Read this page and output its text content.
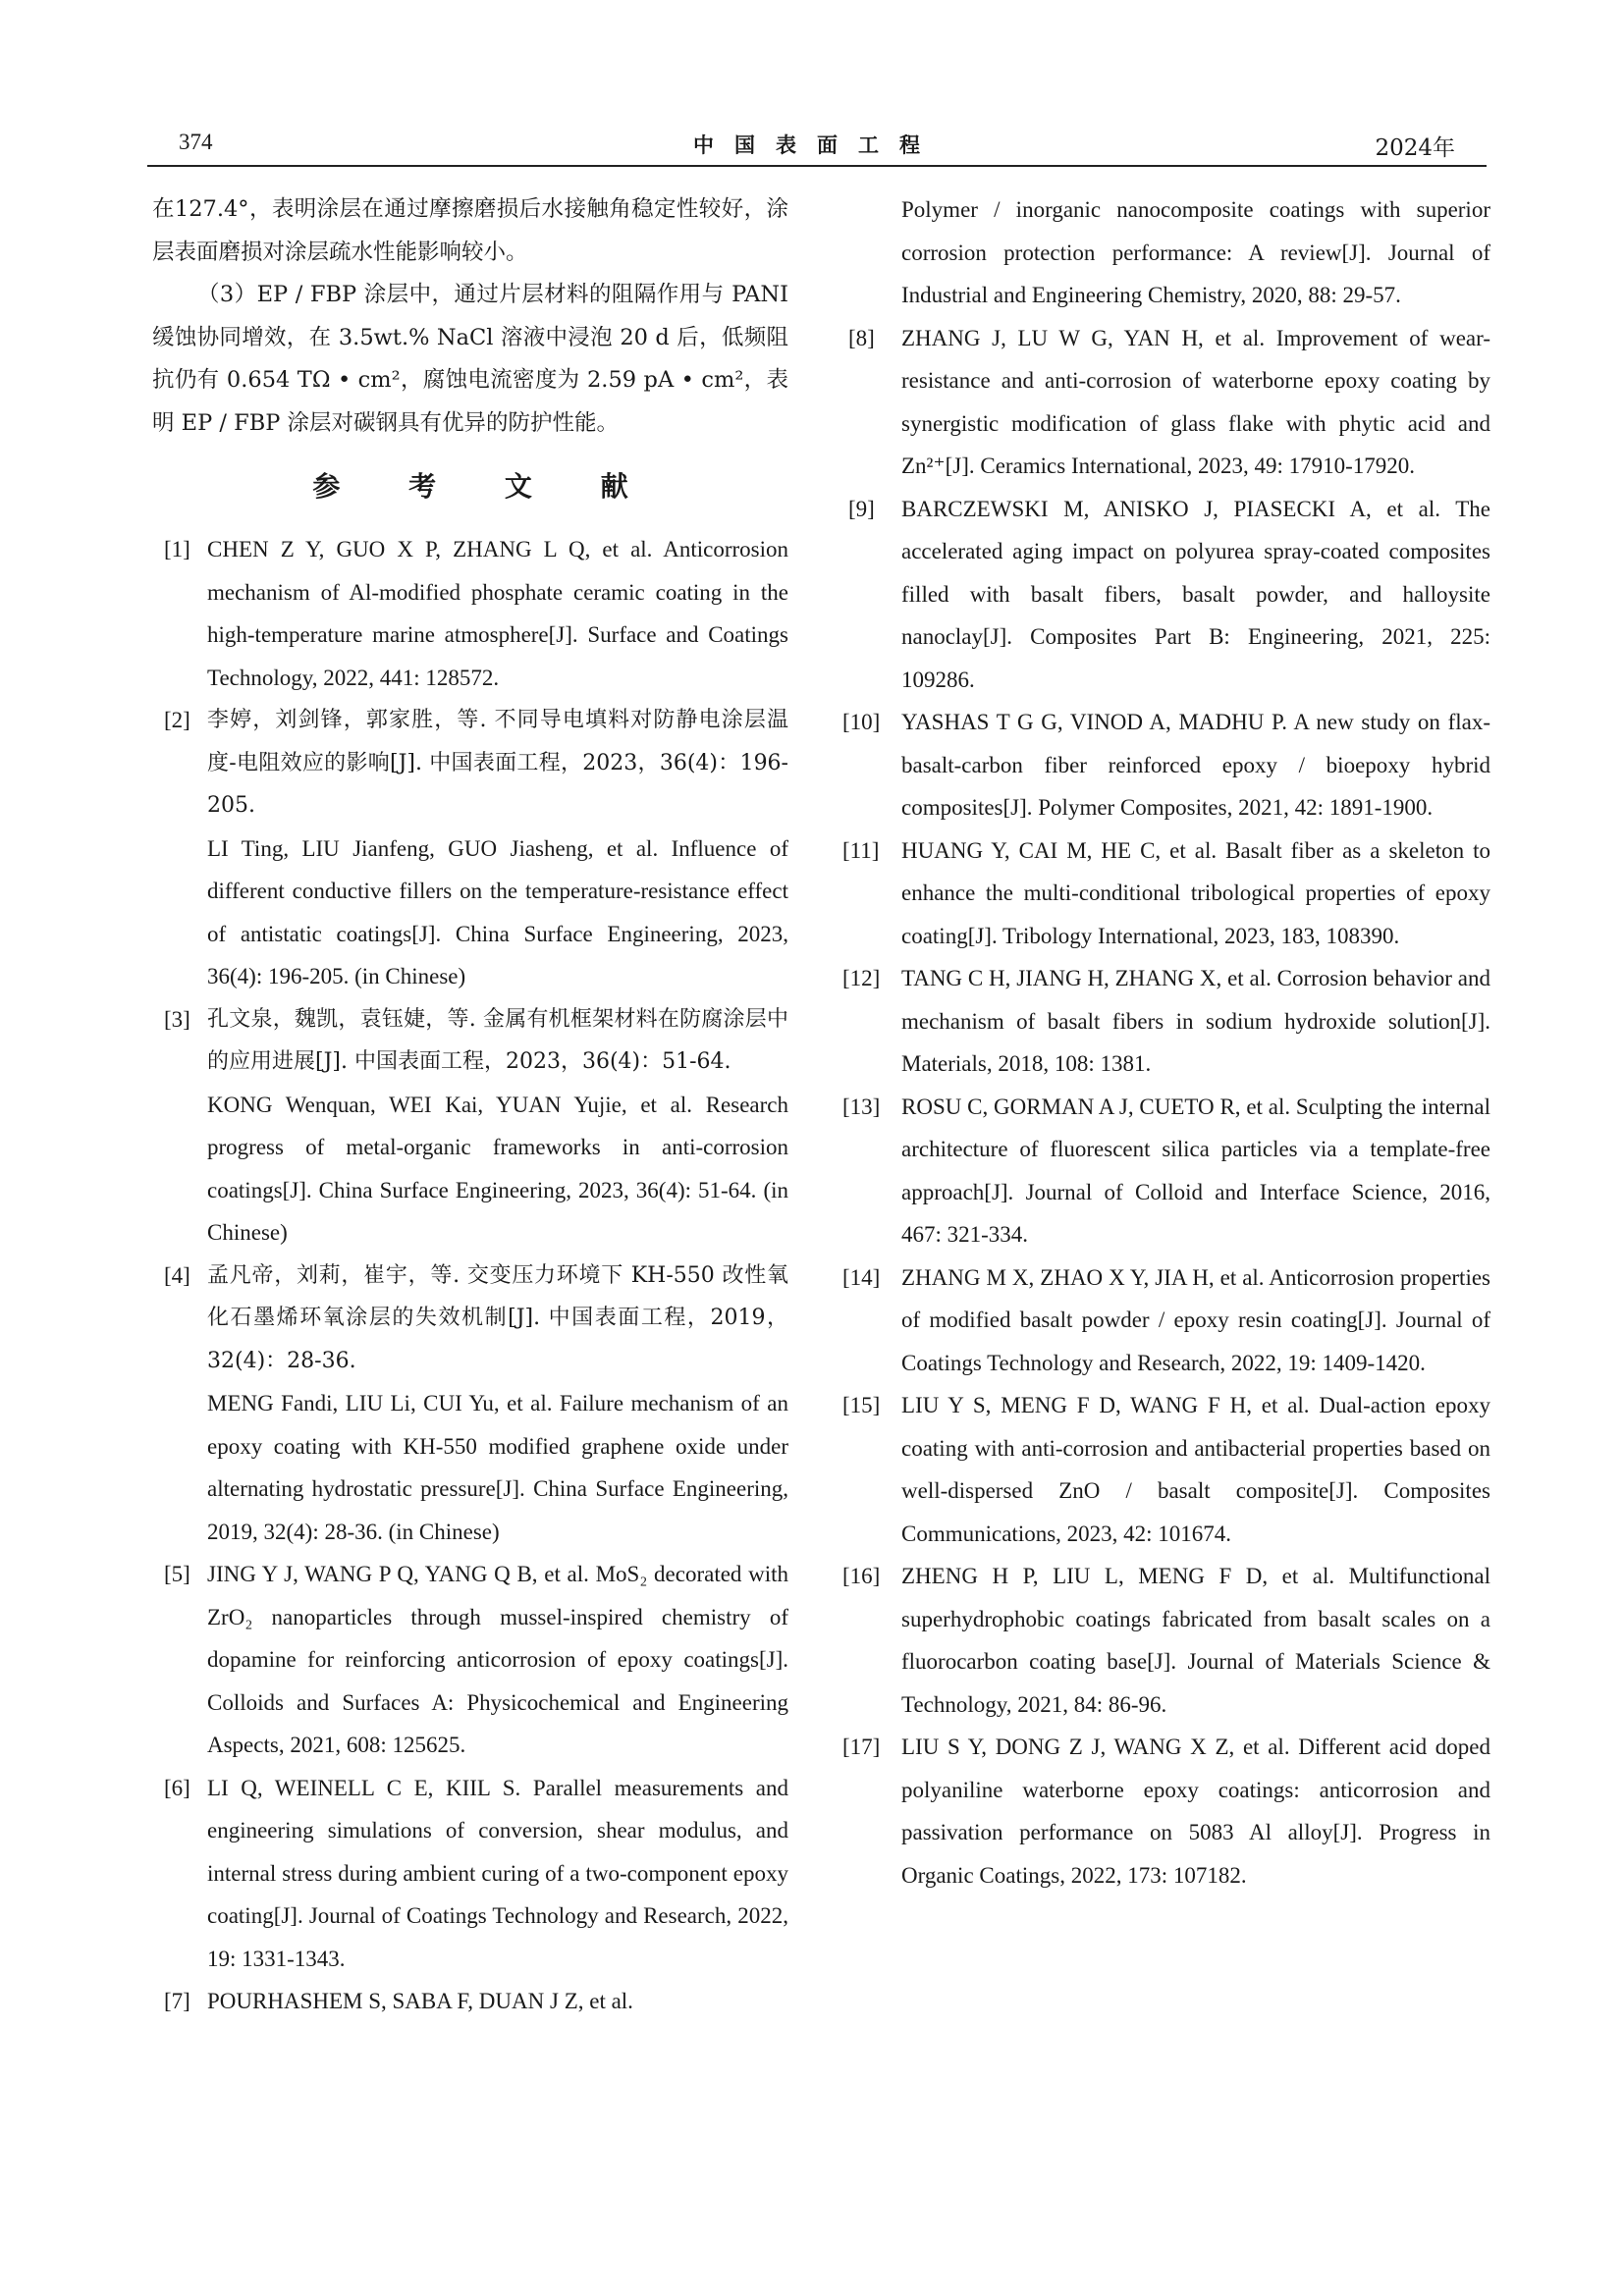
374	中国表面工程	2024年

在127.4°，表明涂层在通过摩擦磨损后水接触角稳定性较好，涂层表面磨损对涂层疏水性能影响较小。

（3）EP / FBP 涂层中，通过片层材料的阻隔作用与 PANI 缓蚀协同增效，在 3.5wt.% NaCl 溶液中浸泡 20 d 后，低频阻抗仍有 0.654 TΩ • cm²，腐蚀电流密度为 2.59 pA • cm²，表明 EP / FBP 涂层对碳钢具有优异的防护性能。

参 考 文 献

[1] CHEN Z Y, GUO X P, ZHANG L Q, et al. Anticorrosion mechanism of Al-modified phosphate ceramic coating in the high-temperature marine atmosphere[J]. Surface and Coatings Technology, 2022, 441: 128572.
[2] 李婷，刘剑锋，郭家胜，等. 不同导电填料对防静电涂层温度-电阻效应的影响[J]. 中国表面工程，2023，36(4)：196-205.
LI Ting, LIU Jianfeng, GUO Jiasheng, et al. Influence of different conductive fillers on the temperature-resistance effect of antistatic coatings[J]. China Surface Engineering, 2023, 36(4): 196-205. (in Chinese)
[3] 孔文泉，魏凯，袁钰婕，等. 金属有机框架材料在防腐涂层中的应用进展[J]. 中国表面工程，2023，36(4)：51-64.
KONG Wenquan, WEI Kai, YUAN Yujie, et al. Research progress of metal-organic frameworks in anti-corrosion coatings[J]. China Surface Engineering, 2023, 36(4): 51-64. (in Chinese)
[4] 孟凡帝，刘莉，崔宇，等. 交变压力环境下 KH-550 改性氧化石墨烯环氧涂层的失效机制[J]. 中国表面工程，2019，32(4)：28-36.
MENG Fandi, LIU Li, CUI Yu, et al. Failure mechanism of an epoxy coating with KH-550 modified graphene oxide under alternating hydrostatic pressure[J]. China Surface Engineering, 2019, 32(4): 28-36. (in Chinese)
[5] JING Y J, WANG P Q, YANG Q B, et al. MoS₂ decorated with ZrO₂ nanoparticles through mussel-inspired chemistry of dopamine for reinforcing anticorrosion of epoxy coatings[J]. Colloids and Surfaces A: Physicochemical and Engineering Aspects, 2021, 608: 125625.
[6] LI Q, WEINELL C E, KIIL S. Parallel measurements and engineering simulations of conversion, shear modulus, and internal stress during ambient curing of a two-component epoxy coating[J]. Journal of Coatings Technology and Research, 2022, 19: 1331-1343.
[7] POURHASHEM S, SABA F, DUAN J Z, et al.
Polymer / inorganic nanocomposite coatings with superior corrosion protection performance: A review[J]. Journal of Industrial and Engineering Chemistry, 2020, 88: 29-57.
[8] ZHANG J, LU W G, YAN H, et al. Improvement of wear-resistance and anti-corrosion of waterborne epoxy coating by synergistic modification of glass flake with phytic acid and Zn²⁺[J]. Ceramics International, 2023, 49: 17910-17920.
[9] BARCZEWSKI M, ANISKO J, PIASECKI A, et al. The accelerated aging impact on polyurea spray-coated composites filled with basalt fibers, basalt powder, and halloysite nanoclay[J]. Composites Part B: Engineering, 2021, 225: 109286.
[10] YASHAS T G G, VINOD A, MADHU P. A new study on flax-basalt-carbon fiber reinforced epoxy / bioepoxy hybrid composites[J]. Polymer Composites, 2021, 42: 1891-1900.
[11] HUANG Y, CAI M, HE C, et al. Basalt fiber as a skeleton to enhance the multi-conditional tribological properties of epoxy coating[J]. Tribology International, 2023, 183, 108390.
[12] TANG C H, JIANG H, ZHANG X, et al. Corrosion behavior and mechanism of basalt fibers in sodium hydroxide solution[J]. Materials, 2018, 108: 1381.
[13] ROSU C, GORMAN A J, CUETO R, et al. Sculpting the internal architecture of fluorescent silica particles via a template-free approach[J]. Journal of Colloid and Interface Science, 2016, 467: 321-334.
[14] ZHANG M X, ZHAO X Y, JIA H, et al. Anticorrosion properties of modified basalt powder / epoxy resin coating[J]. Journal of Coatings Technology and Research, 2022, 19: 1409-1420.
[15] LIU Y S, MENG F D, WANG F H, et al. Dual-action epoxy coating with anti-corrosion and antibacterial properties based on well-dispersed ZnO / basalt composite[J]. Composites Communications, 2023, 42: 101674.
[16] ZHENG H P, LIU L, MENG F D, et al. Multifunctional superhydrophobic coatings fabricated from basalt scales on a fluorocarbon coating base[J]. Journal of Materials Science & Technology, 2021, 84: 86-96.
[17] LIU S Y, DONG Z J, WANG X Z, et al. Different acid doped polyaniline waterborne epoxy coatings: anticorrosion and passivation performance on 5083 Al alloy[J]. Progress in Organic Coatings, 2022, 173: 107182.
